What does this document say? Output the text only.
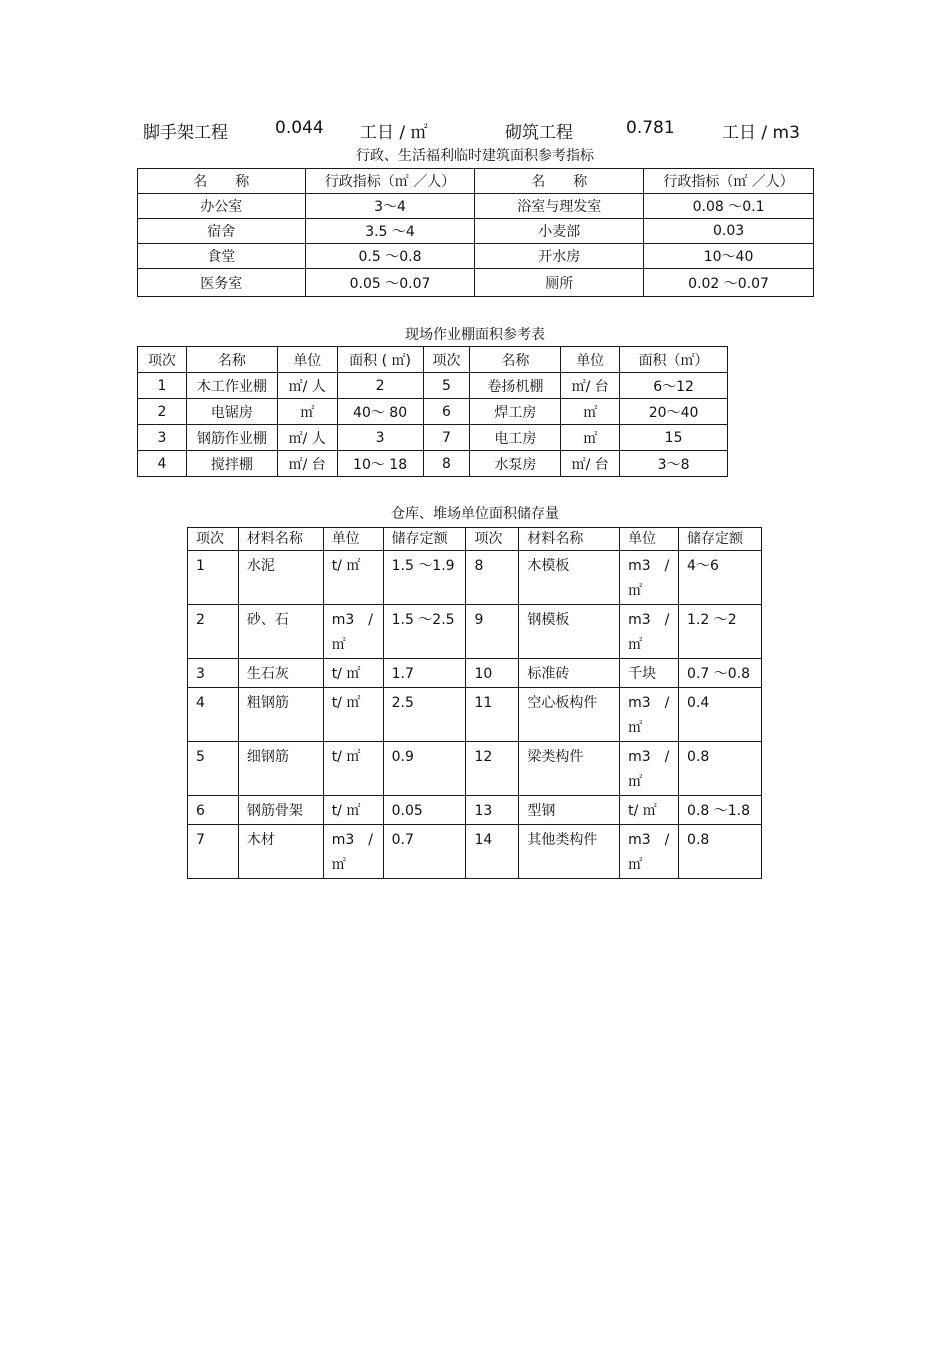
脚手架工程	0.044 工日 / ㎡	砌筑工程	0.781	工日 / m3
行政、生活福利临时建筑面积参考指标
名　　称	行政指标（㎡ ／人）	名　　称	行政指标（㎡ ／人）
办公室	3～4	浴室与理发室	0.08 ～0.1
宿舍	3.5 ～4	小麦部	0.03
食堂	0.5 ～0.8	开水房	10～40
医务室	0.05 ～0.07	厕所	0.02 ～0.07
现场作业棚面积参考表
项次	名称	单位	面积 ( ㎡)	项次	名称	单位	面积（㎡）
1	木工作业棚	㎡/ 人	2	5	卷扬机棚	㎡/ 台	6～12
2	电锯房	㎡	40～ 80	6	焊工房	㎡	20～40
3	钢筋作业棚	㎡/ 人	3	7	电工房	㎡	15
4	搅拌棚	㎡/ 台	10～ 18	8	水泵房	㎡/ 台	3～8
仓库、堆场单位面积储存量
项次	材料名称	单位	储存定额	项次	材料名称	单位	储存定额
1	水泥	t/ ㎡	1.5 ～1.9	8	木模板	m3　/ ㎡	4～6
2	砂、石	m3　/ ㎡	1.5 ～2.5	9	钢模板	m3　/ ㎡	1.2 ～2
3	生石灰	t/ ㎡	1.7	10	标准砖	千块	0.7 ～0.8
4	粗钢筋	t/ ㎡	2.5	11	空心板构件	m3　/ ㎡	0.4
5	细钢筋	t/ ㎡	0.9	12	梁类构件	m3　/ ㎡	0.8
6	钢筋骨架	t/ ㎡	0.05	13	型钢	t/ ㎡	0.8 ～1.8
7	木材	m3　/ ㎡	0.7	14	其他类构件	m3　/ ㎡	0.8
